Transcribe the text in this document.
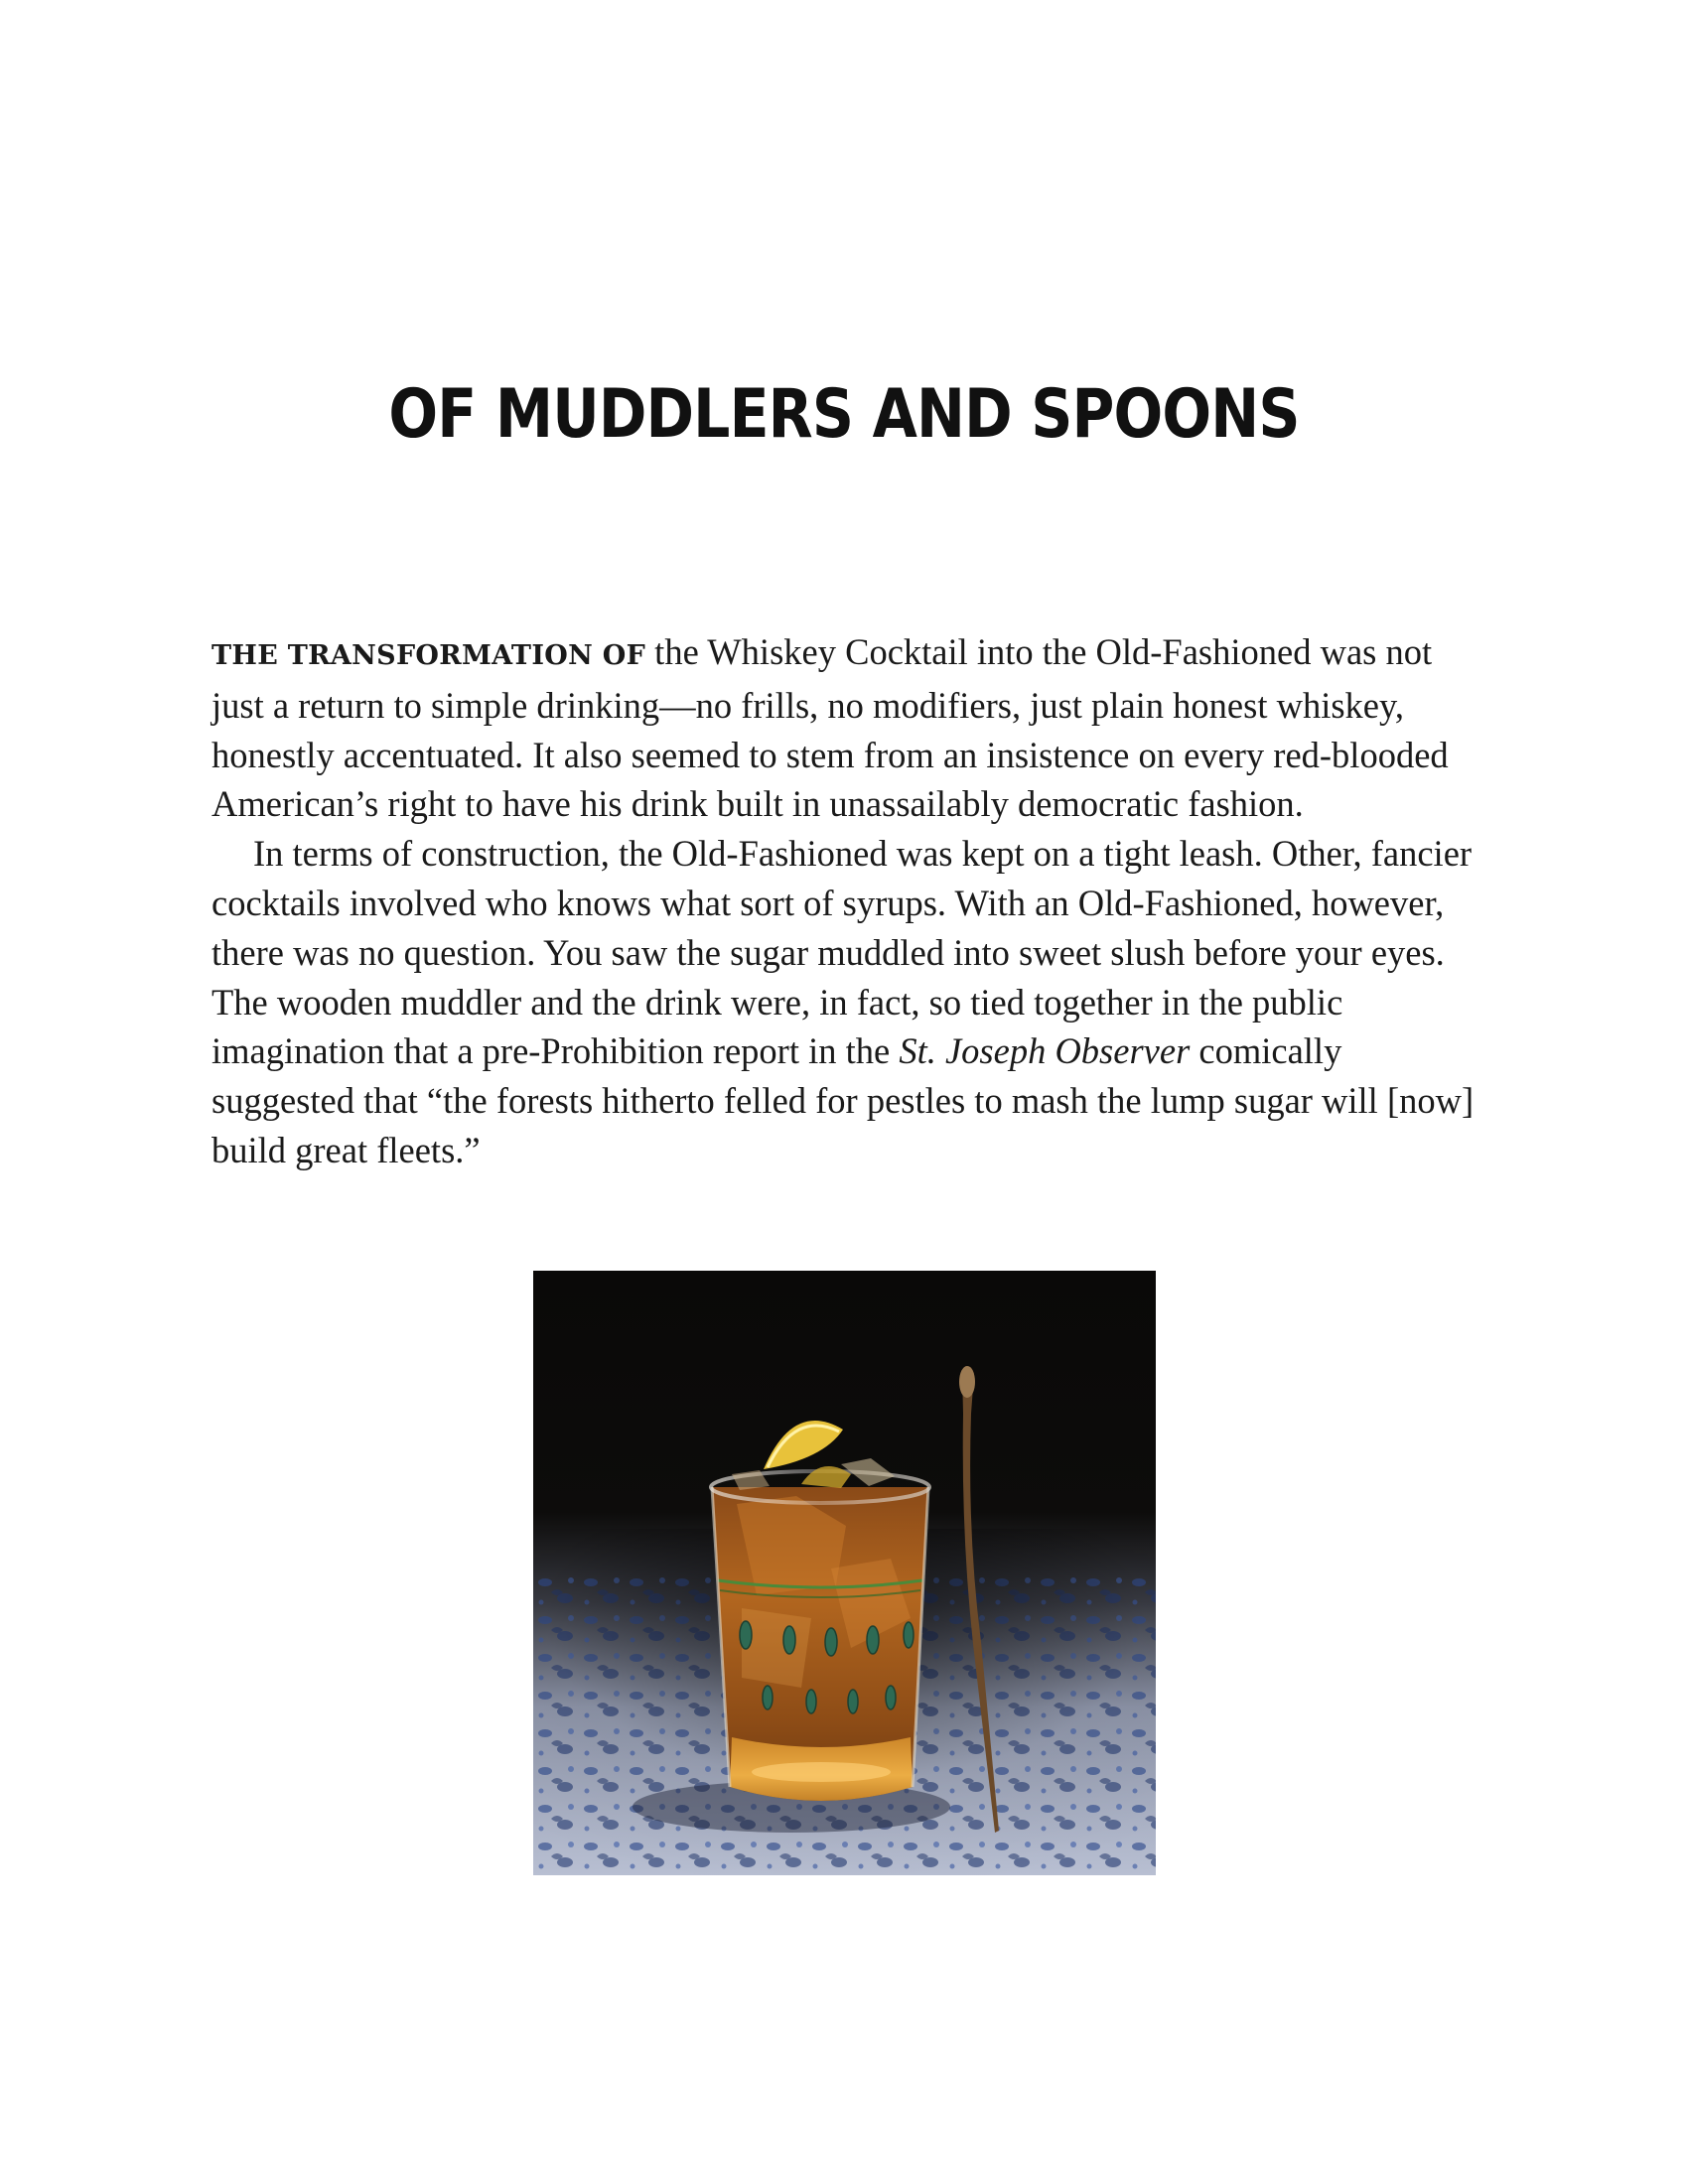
OF MUDDLERS AND SPOONS

THE TRANSFORMATION OF the Whiskey Cocktail into the Old-Fashioned was not just a return to simple drinking—no frills, no modifiers, just plain honest whiskey, honestly accentuated. It also seemed to stem from an insistence on every red-blooded American’s right to have his drink built in unassailably democratic fashion.

In terms of construction, the Old-Fashioned was kept on a tight leash. Other, fancier cocktails involved who knows what sort of syrups. With an Old-Fashioned, however, there was no question. You saw the sugar muddled into sweet slush before your eyes. The wooden muddler and the drink were, in fact, so tied together in the public imagination that a pre-Prohibition report in the St. Joseph Observer comically suggested that “the forests hitherto felled for pestles to mash the lump sugar will [now] build great fleets.”
